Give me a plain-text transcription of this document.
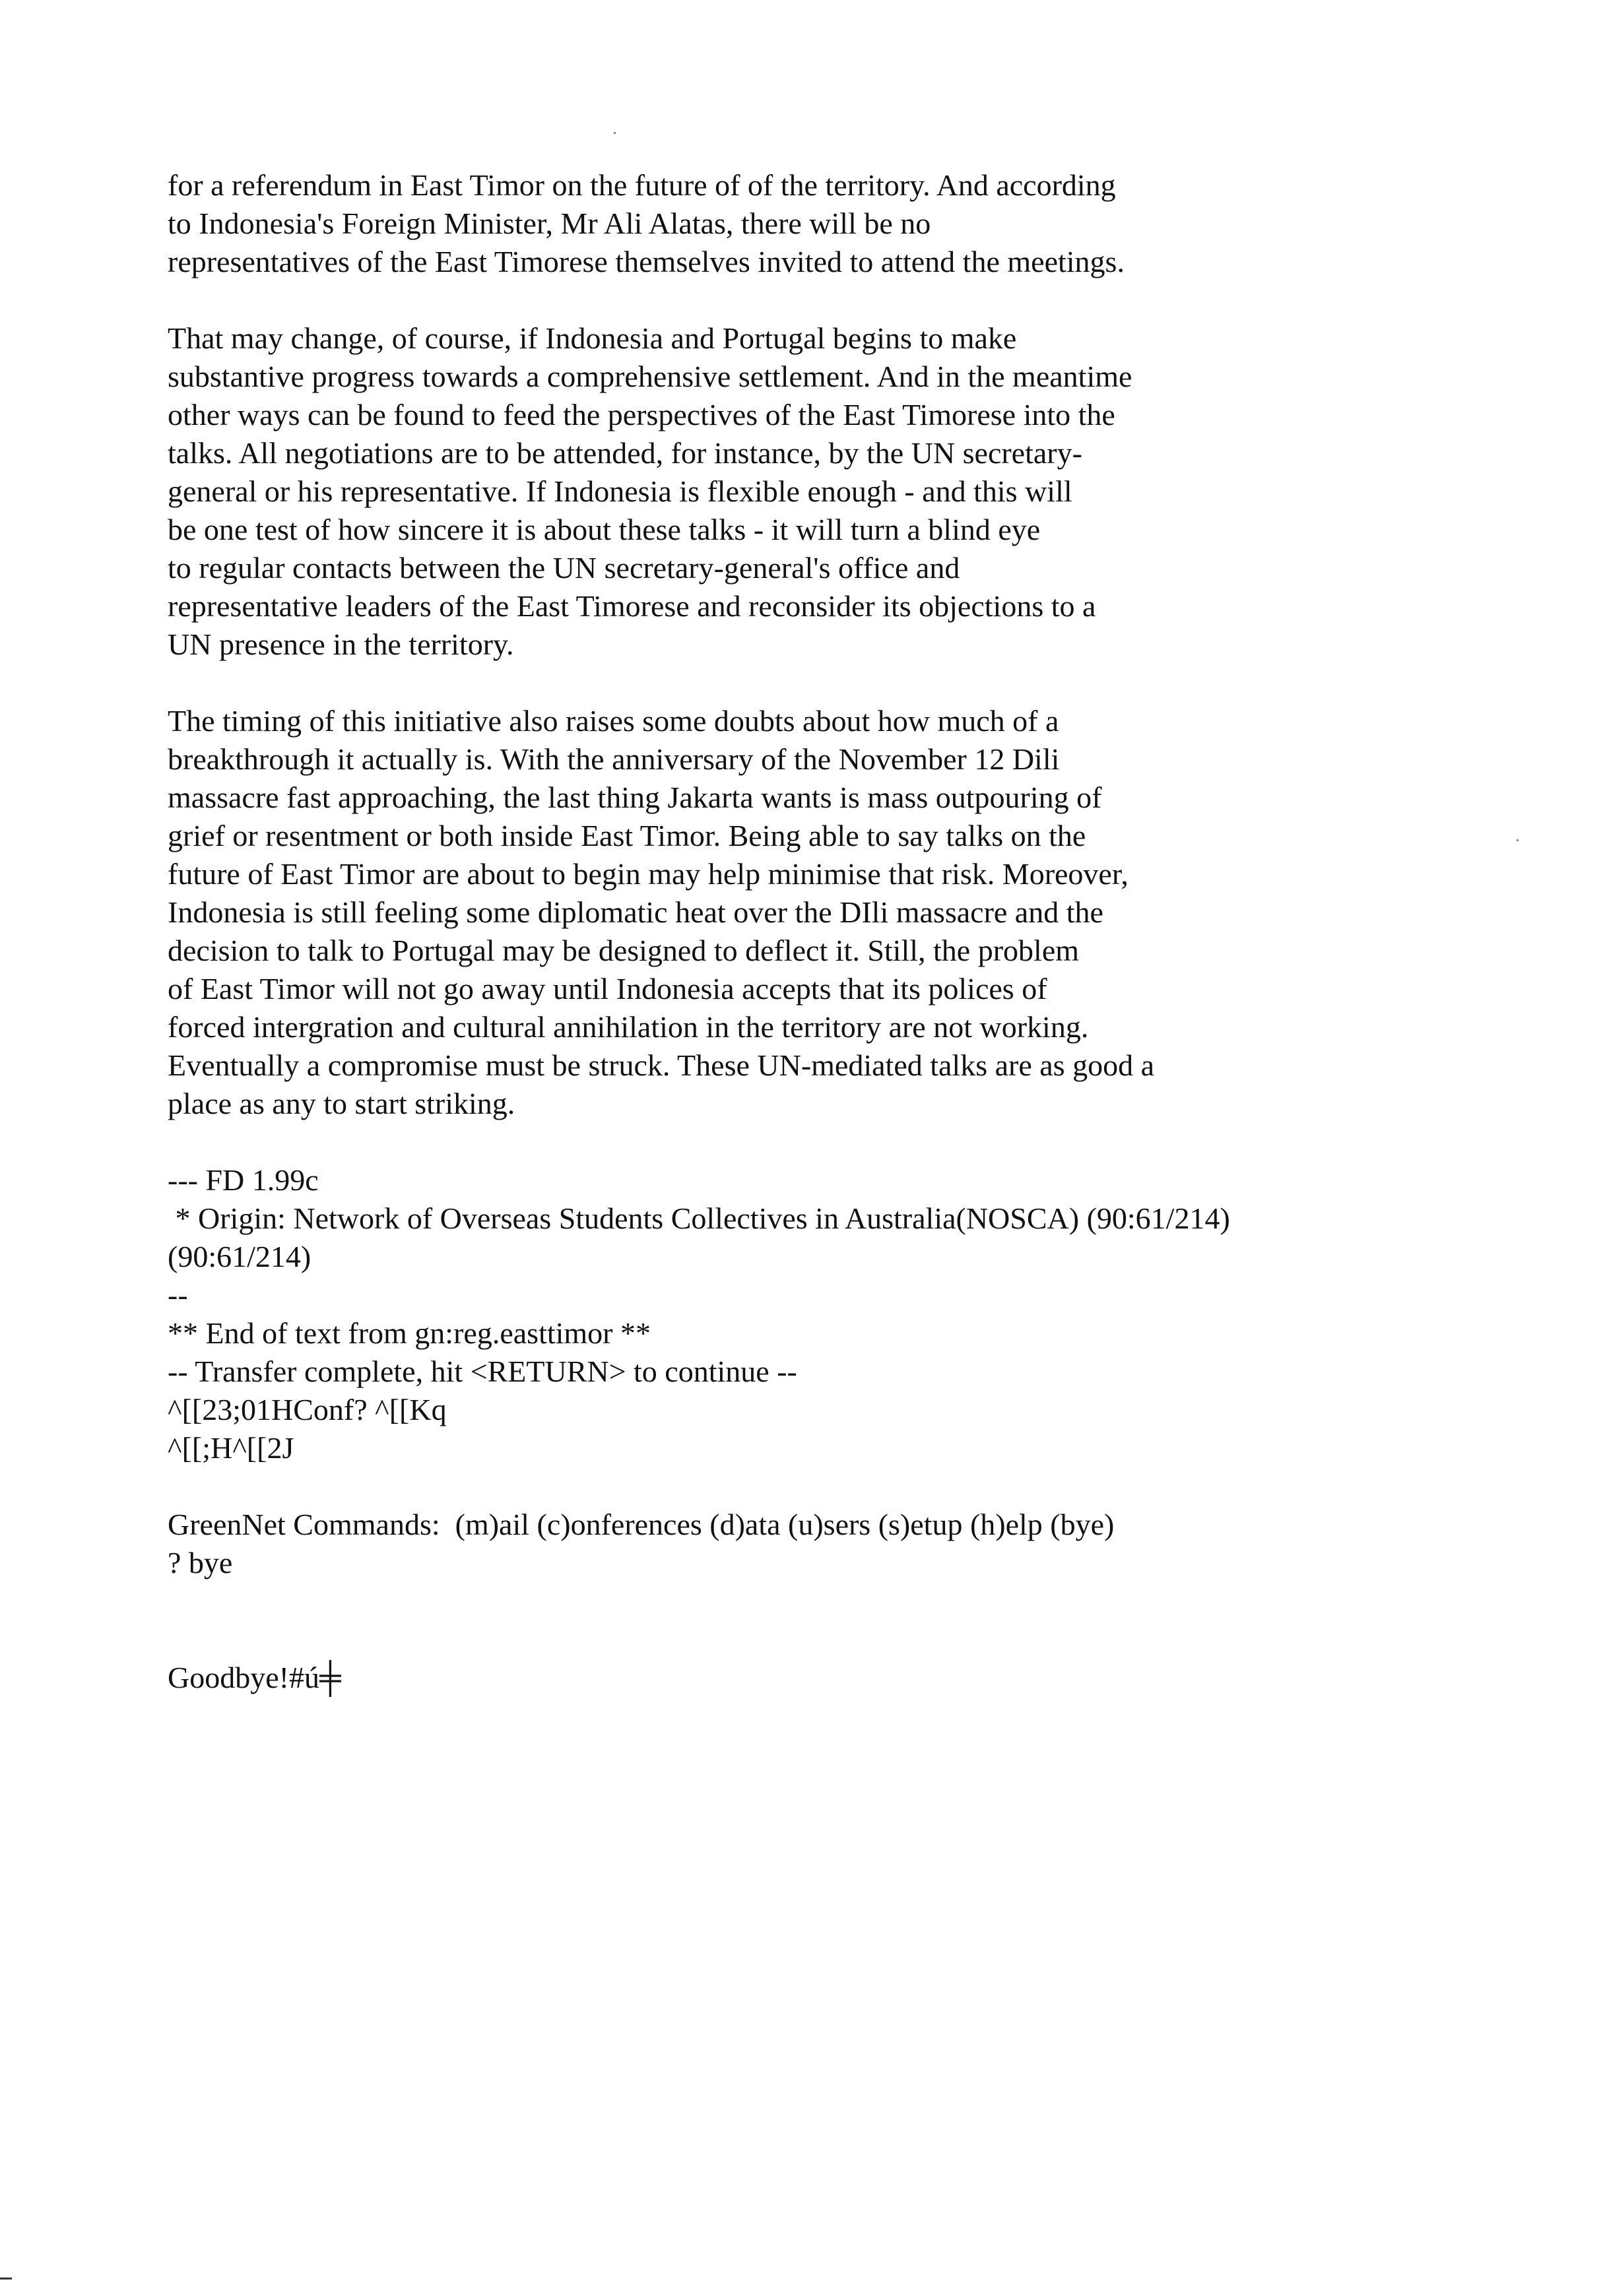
for a referendum in East Timor on the future of of the territory. And according
to Indonesia's Foreign Minister, Mr Ali Alatas, there will be no
representatives of the East Timorese themselves invited to attend the meetings.
That may change, of course, if Indonesia and Portugal begins to make
substantive progress towards a comprehensive settlement. And in the meantime
other ways can be found to feed the perspectives of the East Timorese into the
talks. All negotiations are to be attended, for instance, by the UN secretary-
general or his representative. If Indonesia is flexible enough - and this will
be one test of how sincere it is about these talks - it will turn a blind eye
to regular contacts between the UN secretary-general's office and
representative leaders of the East Timorese and reconsider its objections to a
UN presence in the territory.
The timing of this initiative also raises some doubts about how much of a
breakthrough it actually is. With the anniversary of the November 12 Dili
massacre fast approaching, the last thing Jakarta wants is mass outpouring of
grief or resentment or both inside East Timor. Being able to say talks on the
future of East Timor are about to begin may help minimise that risk. Moreover,
Indonesia is still feeling some diplomatic heat over the DIli massacre and the
decision to talk to Portugal may be designed to deflect it. Still, the problem
of East Timor will not go away until Indonesia accepts that its polices of
forced intergration and cultural annihilation in the territory are not working.
Eventually a compromise must be struck. These UN-mediated talks are as good a
place as any to start striking.
--- FD 1.99c
* Origin: Network of Overseas Students Collectives in Australia(NOSCA) (90:61/214)
(90:61/214)
--
** End of text from gn:reg.easttimor **
-- Transfer complete, hit <RETURN> to continue --
^[[23;01HConf? ^[[Kq
^[[;H^[[2J
GreenNet Commands:  (m)ail (c)onferences (d)ata (u)sers (s)etup (h)elp (bye)
? bye
Goodbye!#ú╪
